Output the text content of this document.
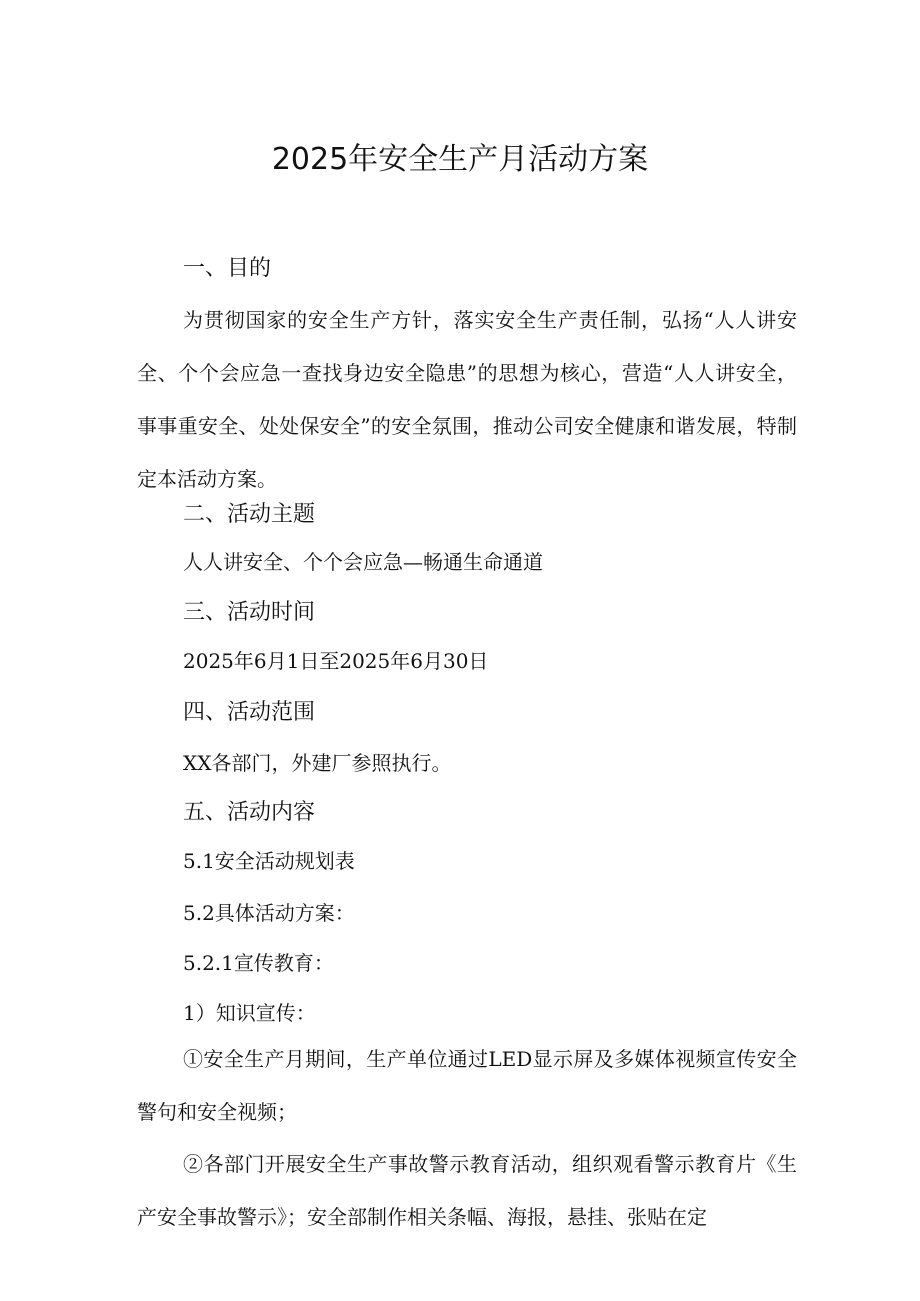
2025年安全生产月活动方案
一、目的
为贯彻国家的安全生产方针，落实安全生产责任制，弘扬“人人讲安全、个个会应急一查找身边安全隐患”的思想为核心，营造“人人讲安全，事事重安全、处处保安全”的安全氛围，推动公司安全健康和谐发展，特制定本活动方案。
二、活动主题
人人讲安全、个个会应急—畅通生命通道
三、活动时间
2025年6月1日至2025年6月30日
四、活动范围
XX各部门，外建厂参照执行。
五、活动内容
5.1安全活动规划表
5.2具体活动方案：
5.2.1宣传教育：
1）知识宣传：
①安全生产月期间，生产单位通过LED显示屏及多媒体视频宣传安全警句和安全视频；
②各部门开展安全生产事故警示教育活动，组织观看警示教育片《生产安全事故警示》；安全部制作相关条幅、海报，悬挂、张贴在定
